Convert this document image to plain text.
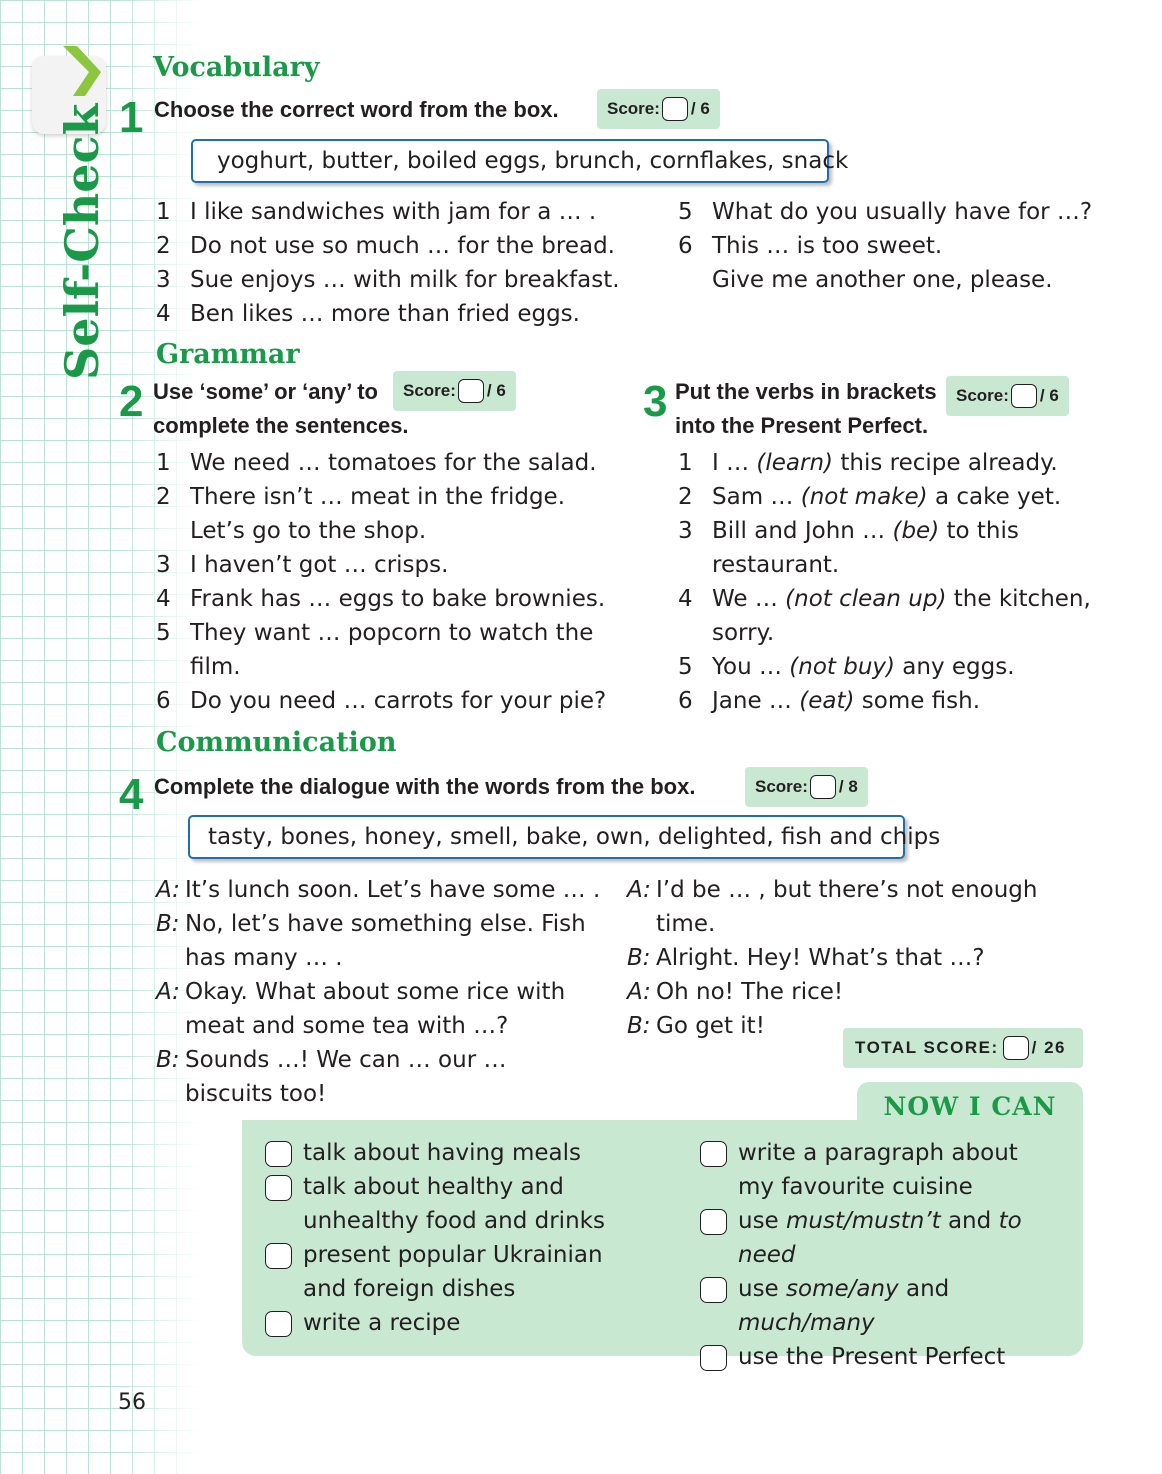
Self-Check
Vocabulary
1 Choose the correct word from the box.	Score: / 6
yoghurt, butter, boiled eggs, brunch, cornflakes, snack
1 I like sandwiches with jam for a … .
2 Do not use so much … for the bread.
3 Sue enjoys … with milk for breakfast.
4 Ben likes … more than fried eggs.
5 What do you usually have for …?
6 This … is too sweet.
Give me another one, please.
Grammar
2 Use ‘some’ or ‘any’ to
complete the sentences.
Score: / 6
1 We need … tomatoes for the salad.
2 There isn’t … meat in the fridge.
Let’s go to the shop.
3 I haven’t got … crisps.
4 Frank has … eggs to bake brownies.
5 They want … popcorn to watch the
film.
6 Do you need … carrots for your pie?
3 Put the verbs in brackets
into the Present Perfect.
Score: / 6
1 I … (learn) this recipe already.
2 Sam … (not make) a cake yet.
3 Bill and John … (be) to this
restaurant.
4 We … (not clean up) the kitchen,
sorry.
5 You … (not buy) any eggs.
6 Jane … (eat) some fish.
Communication
4 Complete the dialogue with the words from the box.	Score: / 8
tasty, bones, honey, smell, bake, own, delighted, fish and chips
A: It’s lunch soon. Let’s have some … .
B: No, let’s have something else. Fish
has many … .
A: Okay. What about some rice with
meat and some tea with …?
B: Sounds …! We can … our …
biscuits too!
A: I’d be … , but there’s not enough time.
B: Alright. Hey! What’s that …?
A: Oh no! The rice!
B: Go get it!
TOTAL SCORE: / 26
NOW I CAN
talk about having meals
talk about healthy and
unhealthy food and drinks
present popular Ukrainian
and foreign dishes
write a recipe
write a paragraph about
my favourite cuisine
use must/mustn’t and to need
use some/any and
much/many
use the Present Perfect
56
